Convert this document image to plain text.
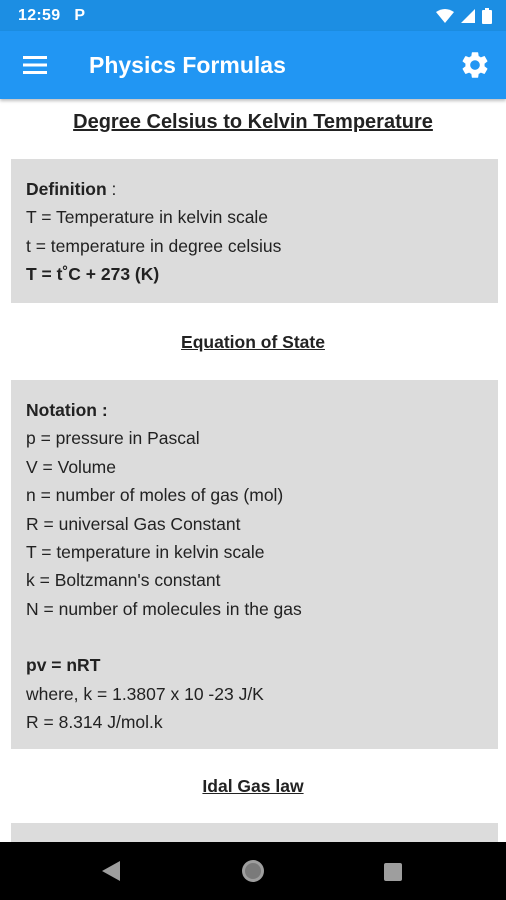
12:59 P
Physics Formulas
Degree Celsius to Kelvin Temperature
Definition :
T = Temperature in kelvin scale
t = temperature in degree celsius
T = t˚C + 273 (K)
Equation of State
Notation :
p = pressure in Pascal
V = Volume
n = number of moles of gas (mol)
R = universal Gas Constant
T = temperature in kelvin scale
k = Boltzmann's constant
N = number of molecules in the gas
pv = nRT
where, k = 1.3807 x 10 -23 J/K
R = 8.314 J/mol.k
Idal Gas law
